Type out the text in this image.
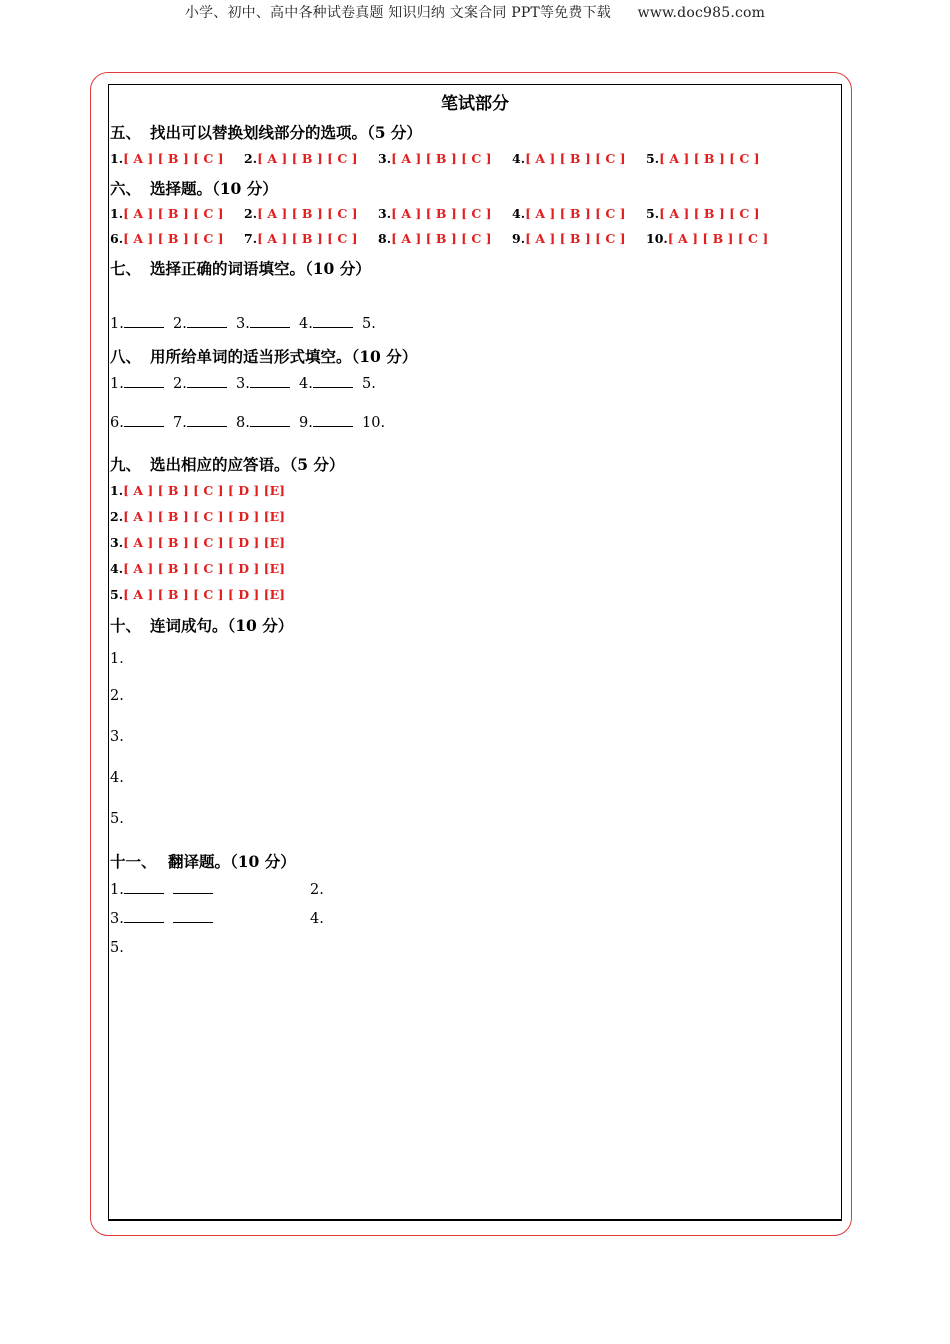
小学、初中、高中各种试卷真题 知识归纳 文案合同 PPT等免费下载 www.doc985.com
笔试部分
五、 找出可以替换划线部分的选项。（5 分）
1.[ A ] [ B ] [ C ] 2.[ A ] [ B ] [ C ] 3.[ A ] [ B ] [ C ] 4.[ A ] [ B ] [ C ] 5.[ A ] [ B ] [ C ]
六、 选择题。（10 分）
1.[ A ] [ B ] [ C ] 2.[ A ] [ B ] [ C ] 3.[ A ] [ B ] [ C ] 4.[ A ] [ B ] [ C ] 5.[ A ] [ B ] [ C ]
6.[ A ] [ B ] [ C ] 7.[ A ] [ B ] [ C ] 8.[ A ] [ B ] [ C ] 9.[ A ] [ B ] [ C ] 10.[ A ] [ B ] [ C ]
七、 选择正确的词语填空。（10 分）
1.	2.	3.	4.	5.
八、 用所给单词的适当形式填空。（10 分）
1.	2.	3.	4.	5.
6.	7.	8.	9.	10.
九、 选出相应的应答语。（5 分）
1.[ A ] [ B ] [ C ] [ D ] [E]
2.[ A ] [ B ] [ C ] [ D ] [E]
3.[ A ] [ B ] [ C ] [ D ] [E]
4.[ A ] [ B ] [ C ] [ D ] [E]
5.[ A ] [ B ] [ C ] [ D ] [E]
十、 连词成句。（10 分）
1．
2.
3.
4.
5.
十一、 翻译题。（10 分）
1.	2.
3.	4.
5.
